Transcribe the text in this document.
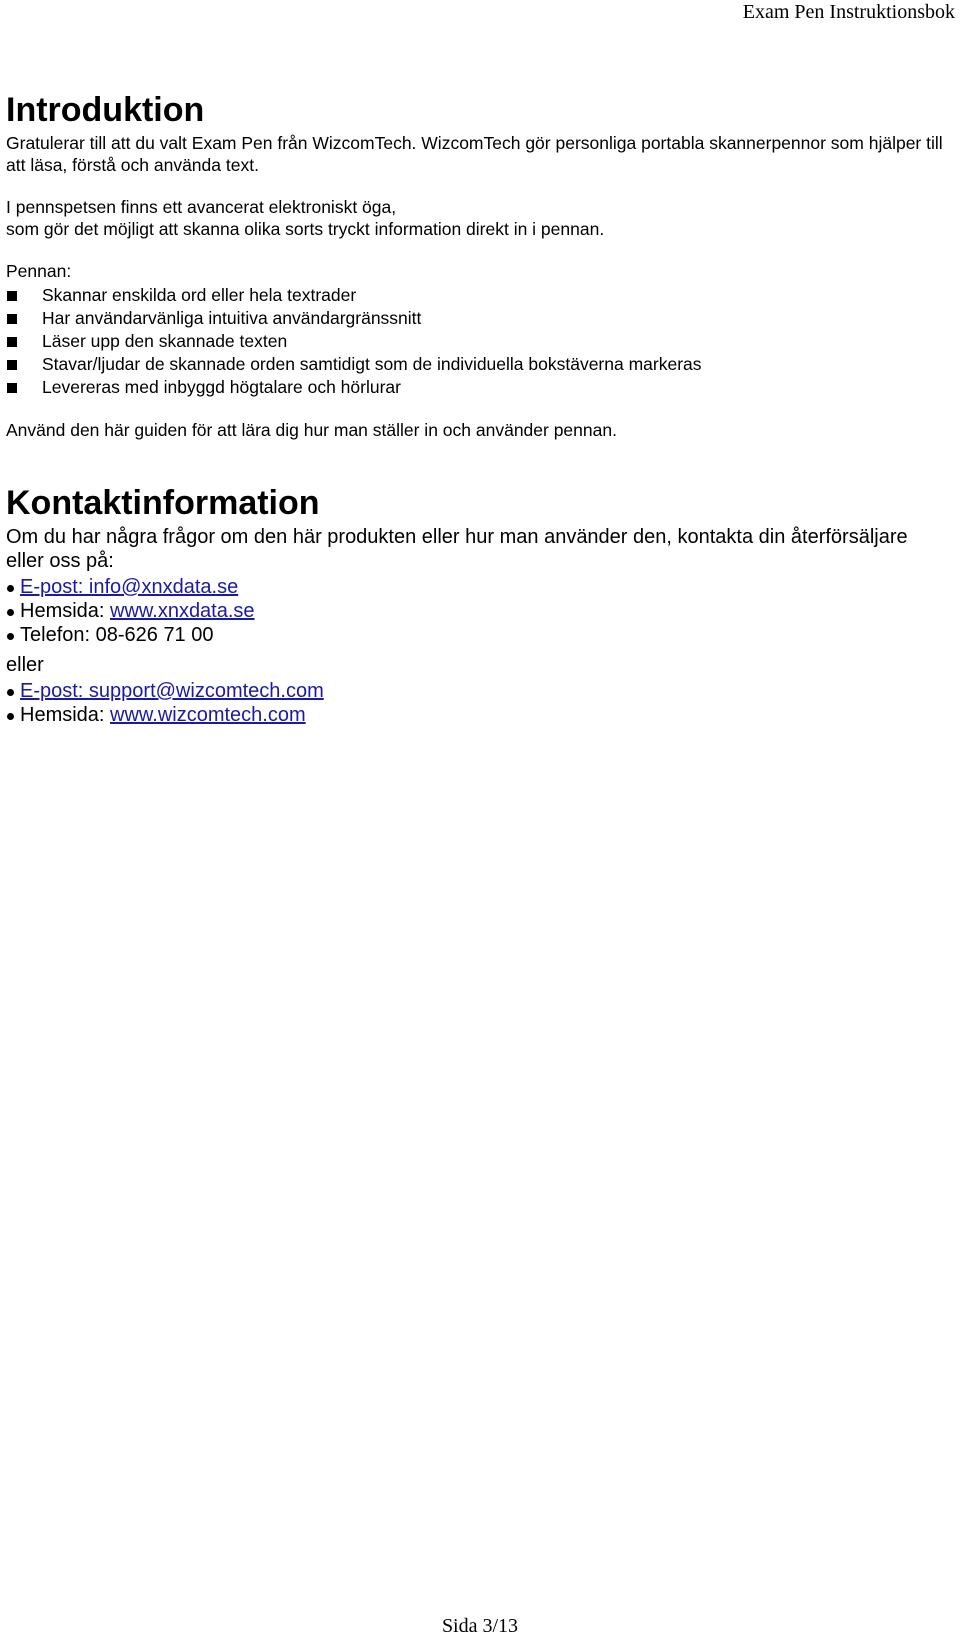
Exam Pen Instruktionsbok
Introduktion

Gratulerar till att du valt Exam Pen från WizcomTech. WizcomTech gör personliga portabla skannerpennor som hjälper till att läsa, förstå och använda text.

I pennspetsen finns ett avancerat elektroniskt öga,
som gör det möjligt att skanna olika sorts tryckt information direkt in i pennan.

Pennan:

Skannar enskilda ord eller hela textrader
Har användarvänliga intuitiva användargränssnitt
Läser upp den skannade texten
Stavar/ljudar de skannade orden samtidigt som de individuella bokstäverna markeras
Levereras med inbyggd högtalare och hörlurar

Använd den här guiden för att lära dig hur man ställer in och använder pennan.

Kontaktinformation

Om du har några frågor om den här produkten eller hur man använder den, kontakta din återförsäljare eller oss på:

E-post: info@xnxdata.se
Hemsida: www.xnxdata.se
Telefon: 08-626 71 00

eller

E-post: support@wizcomtech.com
Hemsida: www.wizcomtech.com
Sida 3/13
